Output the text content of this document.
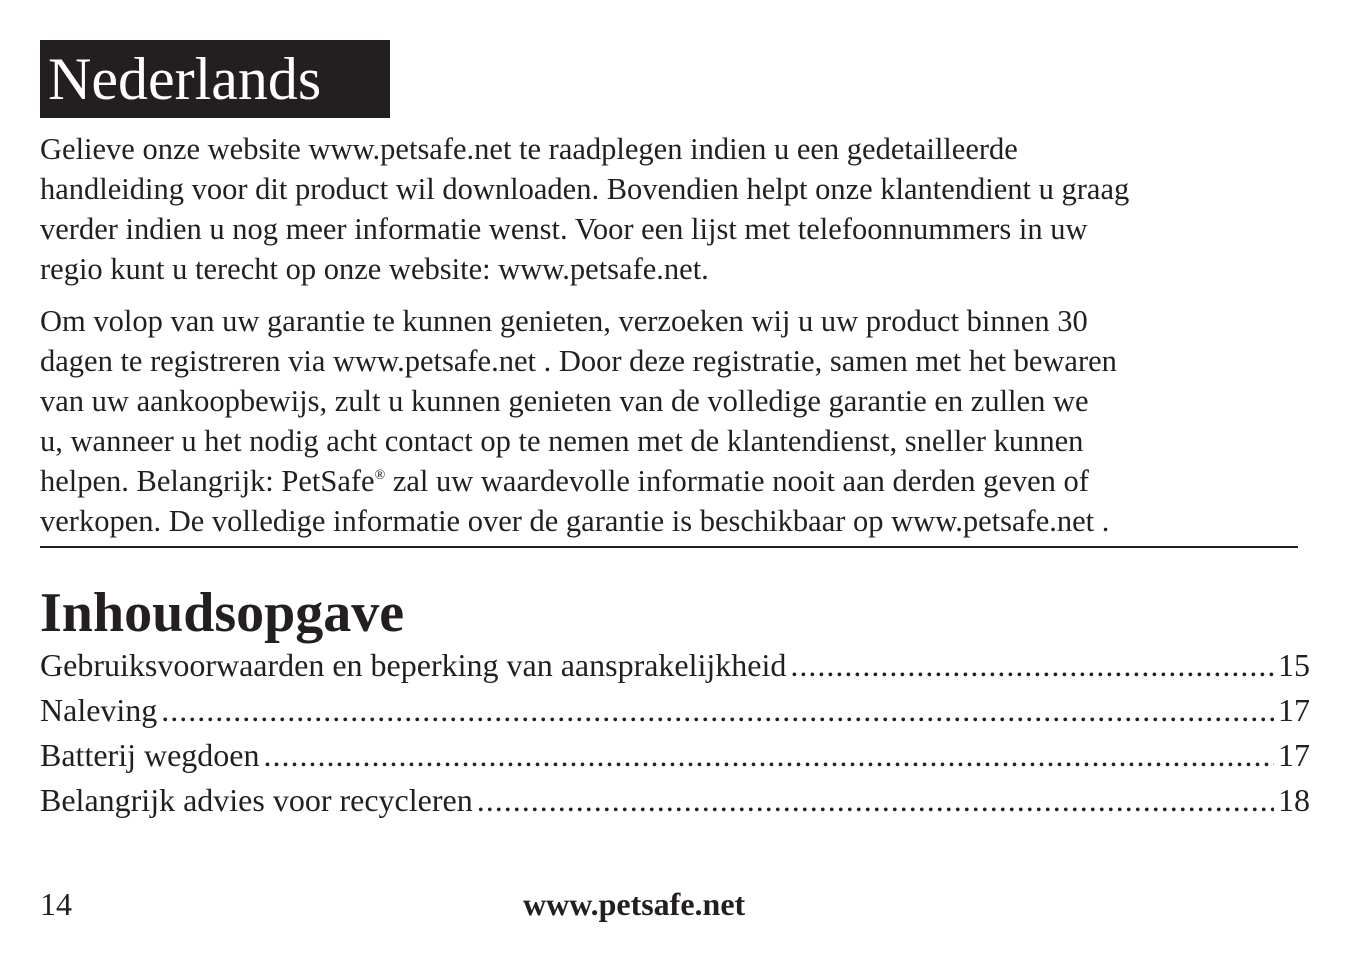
Nederlands

Gelieve onze website www.petsafe.net te raadplegen indien u een gedetailleerde
handleiding voor dit product wil downloaden. Bovendien helpt onze klantendient u graag
verder indien u nog meer informatie wenst. Voor een lijst met telefoonnummers in uw
regio kunt u terecht op onze website: www.petsafe.net.

Om volop van uw garantie te kunnen genieten, verzoeken wij u uw product binnen 30
dagen te registreren via www.petsafe.net . Door deze registratie, samen met het bewaren
van uw aankoopbewijs, zult u kunnen genieten van de volledige garantie en zullen we
u, wanneer u het nodig acht contact op te nemen met de klantendienst, sneller kunnen
helpen. Belangrijk: PetSafe® zal uw waardevolle informatie nooit aan derden geven of
verkopen. De volledige informatie over de garantie is beschikbaar op www.petsafe.net .

Inhoudsopgave
Gebruiksvoorwaarden en beperking van aansprakelijkheid .....	15
Naleving .....	17
Batterij wegdoen .....	17
Belangrijk advies voor recycleren .....	18
14	www.petsafe.net
